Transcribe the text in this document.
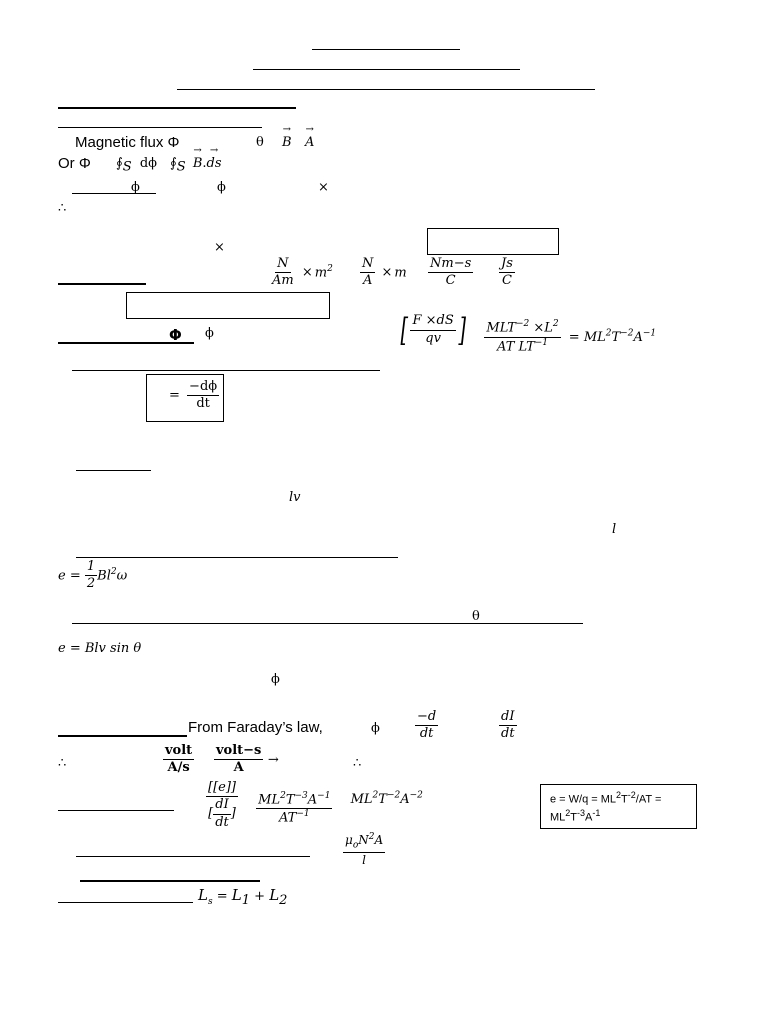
Magnetic flux Φ	θ → B → A
Or Φ $∮_S$ dϕ $∮_S \to B.\to$ ds
ϕ	ϕ	×
∴
×
$\frac{N}{Am} \times m^2 \frac{N}{A} \times m \frac{Nm-s}{C} \frac{Js}{C}$
Φ ϕ	[ $\frac{F \times dS}{qv}$ ]
$\frac{MLT^{-2} \times L^2}{AT LT^{-1}} = ML^2T^{-2}A^{-1}$
= $\frac{-d\phi}{dt}$
lv
l
$e = \frac{1}{2} Bl^2\omega$
θ
e = Blv sin θ
ϕ
From Faraday’s law,	ϕ	$\frac{-d}{dt}$	$\frac{dI}{dt}$
∴	$\frac{\text{volt}}{A/s} \frac{\text{volt−s}}{A}$ →	∴
$\frac{[[e]]}{[ \frac{dI}{dt} ]}$
$\frac{ML^2T^{-3}A^{-1}}{AT^{-1}} ML^2T^{-2}A^{-2}$	$e = W/q = ML^2T^{-2}/AT$ =
$ML^2T^{-3}A^{-1}$
$\frac{\mu_oN^2A}{l}$
$L_s = L_1 + L_2$
